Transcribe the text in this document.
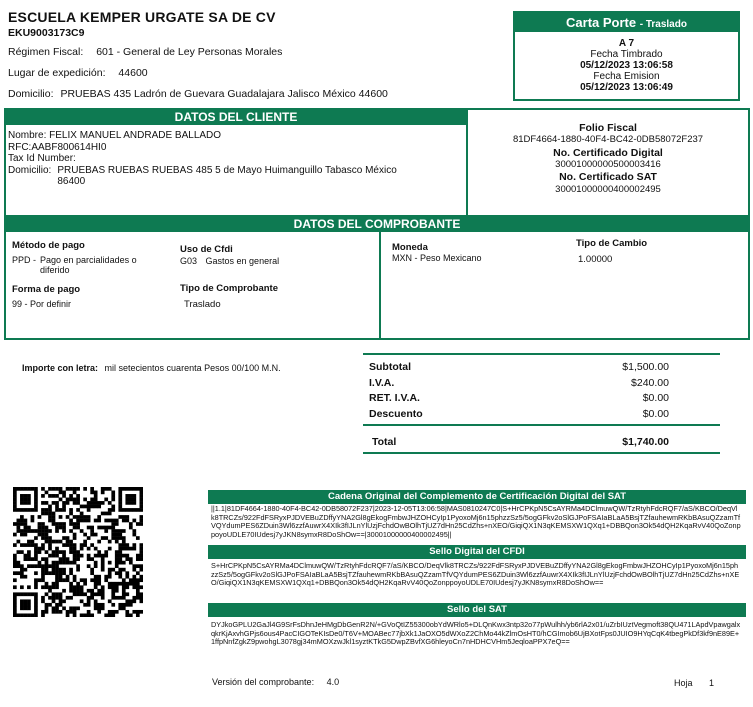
ESCUELA KEMPER URGATE SA DE CV
EKU9003173C9
Régimen Fiscal: 601 - General de Ley Personas Morales
Lugar de expedición: 44600
Domicilio: PRUEBAS 435 Ladrón de Guevara Guadalajara Jalisco México 44600
Carta Porte - Traslado
A 7
Fecha Timbrado
05/12/2023 13:06:58
Fecha Emision
05/12/2023 13:06:49
DATOS DEL CLIENTE
Nombre: FELIX MANUEL ANDRADE BALLADO
RFC:AABF800614HI0
Tax Id Number:
Domicilio: PRUEBAS RUEBAS RUEBAS 485 5 de Mayo Huimanguillo Tabasco México
86400
Folio Fiscal
81DF4664-1880-40F4-BC42-0DB58072F237
No. Certificado Digital
30001000000500003416
No. Certificado SAT
30001000000400002495
DATOS DEL COMPROBANTE
Método de pago
PPD - Pago en parcialidades o
diferido
Uso de Cfdi
G03 Gastos en general
Forma de pago
99 - Por definir
Tipo de Comprobante
Traslado
Moneda
MXN - Peso Mexicano
Tipo de Cambio
1.00000
Importe con letra: mil setecientos cuarenta Pesos 00/100 M.N.	Subtotal	$1,500.00
I.V.A.	$240.00
RET. I.V.A.	$0.00
Descuento	$0.00
Total	$1,740.00
Cadena Original del Complemento de Certificación Digital del SAT
||1.1|81DF4664-1880-40F4-BC42-0DB58072F237|2023-12-05T13:06:58|MAS0810247C0|S+HrCPKpN5CsAYRMa4DClmuwQW/TzRtyhFdcRQF7/aS/KBCO/DeqVlk8TRCZs/922FdFSRyxPJDVEBuZDffyYNA2Gl8gEkogFmbwJHZOHCyIp1PyoxoMj6n15phzzSz5/5ogGFkv2oSlGJPoFSAIaBLaA5BsjTZfauhewmRKbBAsuQZzamTfVQYdumPES6ZDuin3Wl6zzfAuwrX4XIk3fIJLnYlUzjFchdOwBOlhTjUZ7dHn25CdZhs+nXEO/GiqiQX1N3qKEMSXW1QXq1+DBBQon3Ok54dQH2KqaRvV40QoZonppoyoUDLE70IUdesj7yJKN8symxR8DoShOw==|30001000000400002495||
Sello Digital del CFDI
S+HrCPKpN5CsAYRMa4DClmuwQW/TzRtyhFdcRQF7/aS/KBCO/DeqVlk8TRCZs/922FdFSRyxPJDVEBuZDffyYNA2Gl8gEkogFmbwJHZOHCyIp1PyoxoMj6n15phzzSz5/5ogGFkv2oSlGJPoFSAIaBLaA5BsjTZfauhewmRKbBAsuQZzamTfVQYdumPES6ZDuin3Wl6zzfAuwrX4XIk3fIJLnYlUzjFchdOwBOlhTjUZ7dHn25CdZhs+nXEO/GiqiQX1N3qKEMSXW1QXq1+DBBQon3Ok54dQH2KqaRvV40QoZonppoyoUDLE70IUdesj7yJKN8symxR8DoShOw==
Sello del SAT
DYJkoGPLU2GaJl4G9SrFsDhnJeHMgDbGenR2N/+GVoQtIZ55300obYdWRlo5+DLQnKwx3ntp32o77pWulhh/yb6rlA2x01/uZrbIUztVegmoft38QU471LApdVpawgalxqkrKjAxvhGPjs6ous4PacCIGOTeKIsDe0/T6V+MOABec77jbXk1JaOXO5dWXoZ2ChMo44kZlmOsHT0/hCGImob6UjBXotFps0JUIO9HYqCqK4tbegPkDf3kf9nE89E+1ffpNnfZgkZ9pwohgL3078gj34mMOXzwJkl1syztKTkG5DwpZBvfXG6hleyoCn7nHDHCVHm5JeqloaPPX7eQ==
Versión del comprobante: 4.0	Hoja 1
